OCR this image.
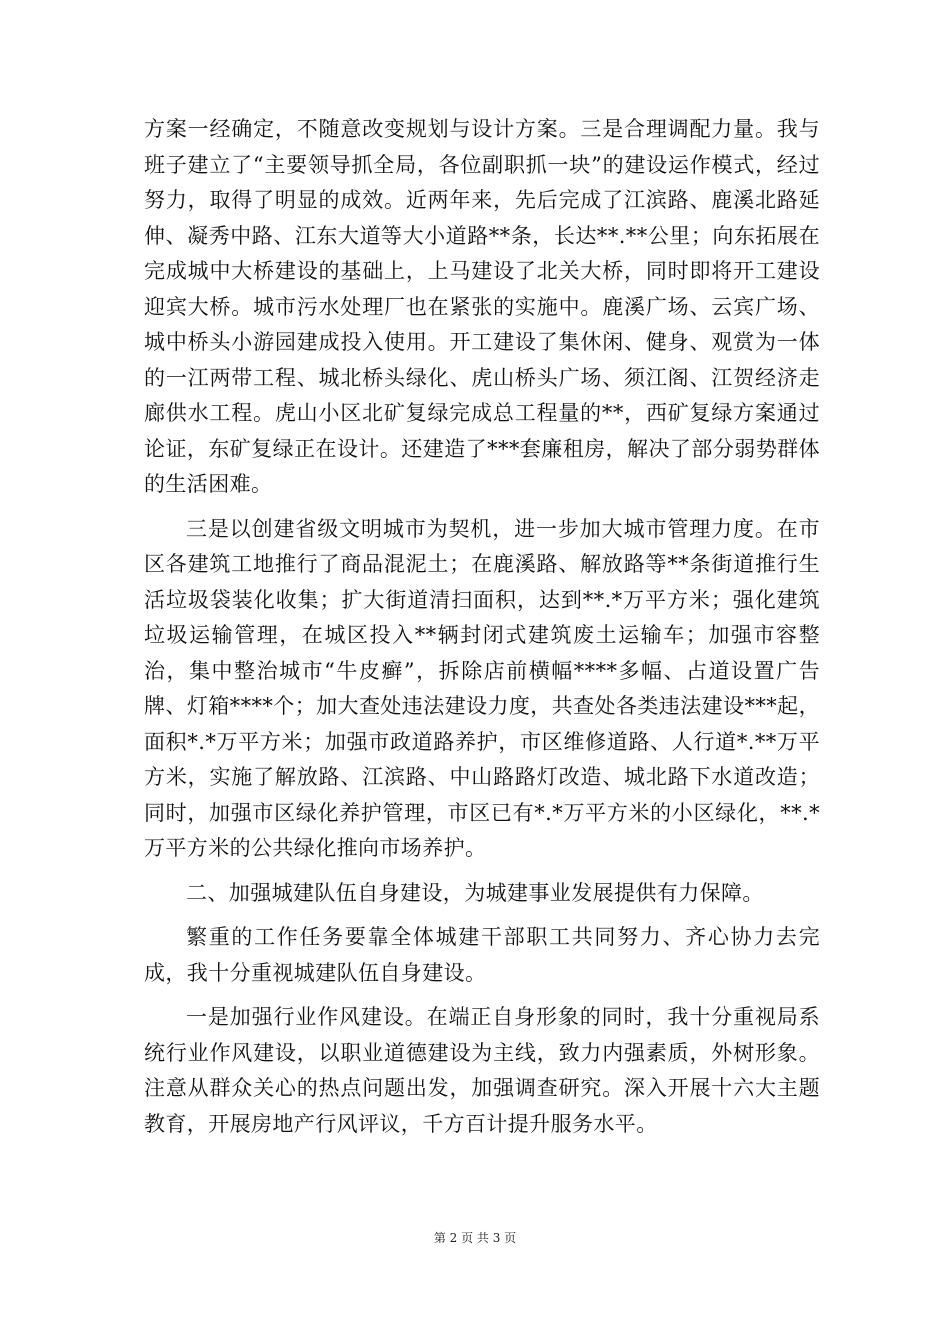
方案一经确定，不随意改变规划与设计方案。三是合理调配力量。我与班子建立了“主要领导抓全局，各位副职抓一块”的建设运作模式，经过努力，取得了明显的成效。近两年来，先后完成了江滨路、鹿溪北路延伸、凝秀中路、江东大道等大小道路**条，长达**.**公里；向东拓展在完成城中大桥建设的基础上，上马建设了北关大桥，同时即将开工建设迎宾大桥。城市污水处理厂也在紧张的实施中。鹿溪广场、云宾广场、城中桥头小游园建成投入使用。开工建设了集休闲、健身、观赏为一体的一江两带工程、城北桥头绿化、虎山桥头广场、须江阁、江贺经济走廊供水工程。虎山小区北矿复绿完成总工程量的**，西矿复绿方案通过论证，东矿复绿正在设计。还建造了***套廉租房，解决了部分弱势群体的生活困难。

三是以创建省级文明城市为契机，进一步加大城市管理力度。在市区各建筑工地推行了商品混泥土；在鹿溪路、解放路等**条街道推行生活垃圾袋装化收集；扩大街道清扫面积，达到**.*万平方米；强化建筑垃圾运输管理，在城区投入**辆封闭式建筑废土运输车；加强市容整治，集中整治城市“牛皮癣”，拆除店前横幅****多幅、占道设置广告牌、灯箱****个；加大查处违法建设力度，共查处各类违法建设***起，面积*.*万平方米；加强市政道路养护，市区维修道路、人行道*.**万平方米，实施了解放路、江滨路、中山路路灯改造、城北路下水道改造；同时，加强市区绿化养护管理，市区已有*.*万平方米的小区绿化，**.*万平方米的公共绿化推向市场养护。

二、加强城建队伍自身建设，为城建事业发展提供有力保障。

繁重的工作任务要靠全体城建干部职工共同努力、齐心协力去完成，我十分重视城建队伍自身建设。

一是加强行业作风建设。在端正自身形象的同时，我十分重视局系统行业作风建设，以职业道德建设为主线，致力内强素质，外树形象。注意从群众关心的热点问题出发，加强调查研究。深入开展十六大主题教育，开展房地产行风评议，千方百计提升服务水平。

第 2 页 共 3 页
